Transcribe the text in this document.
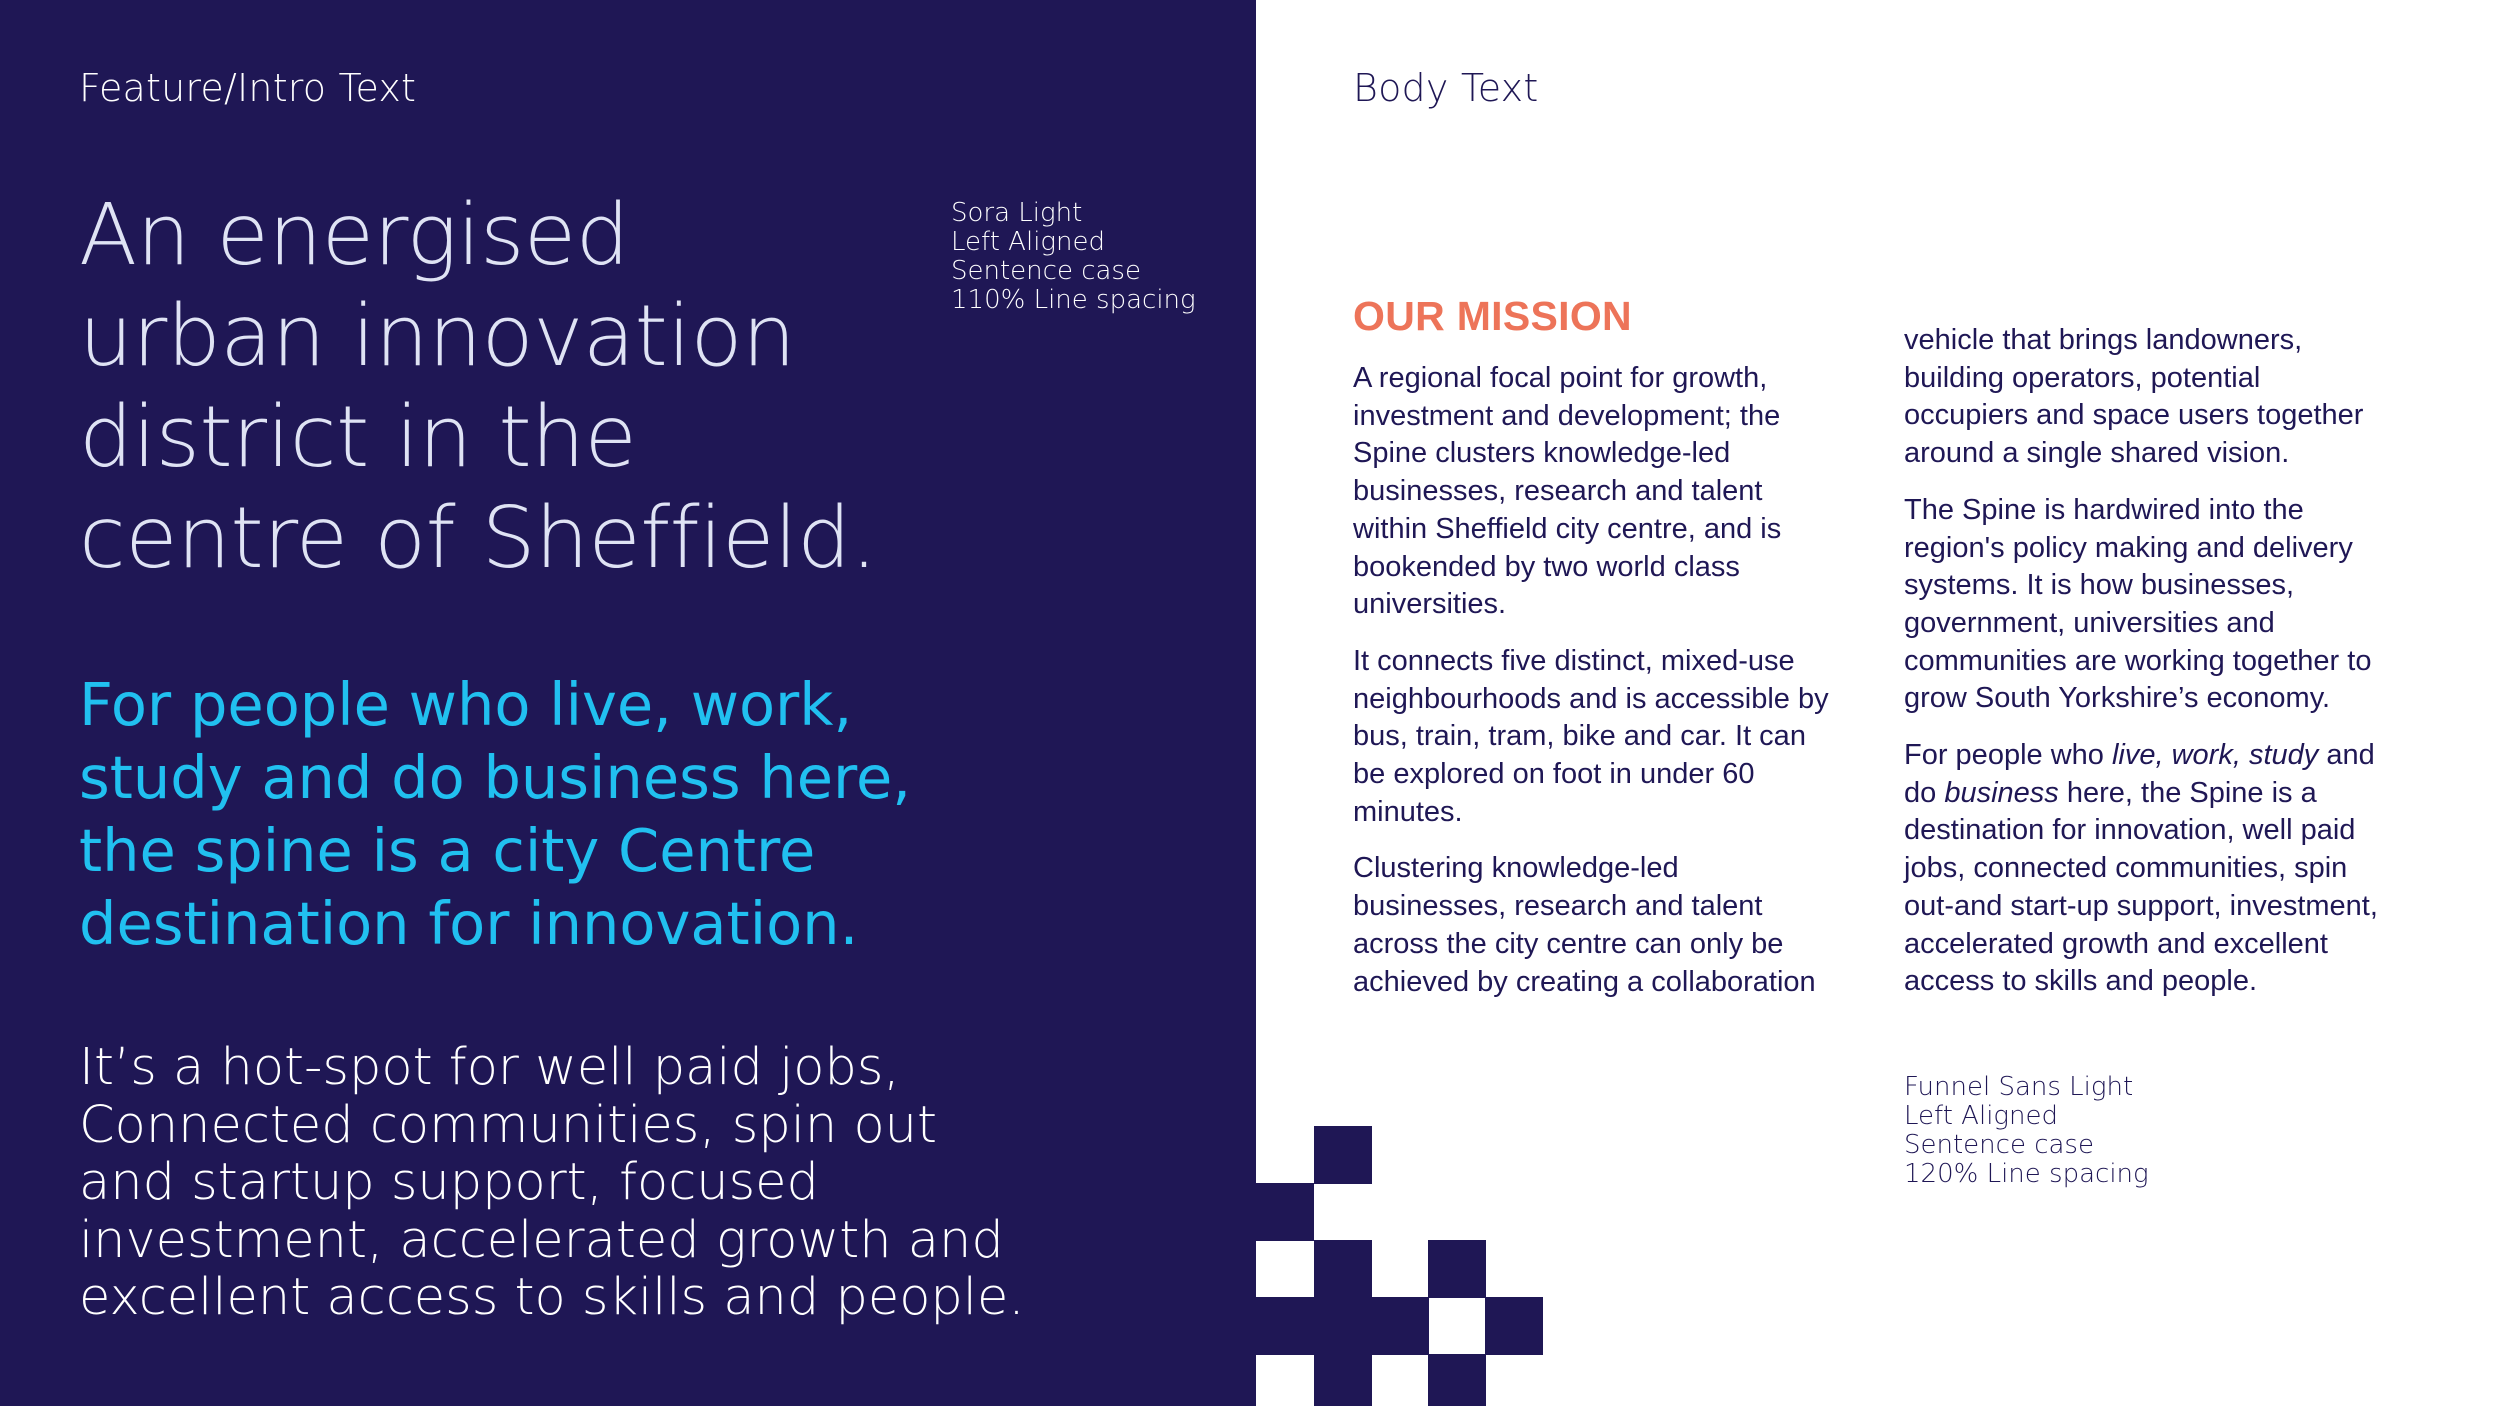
Feature/Intro Text
An energised
urban innovation
district in the
centre of Sheffield.

Sora Light
Left Aligned
Sentence case
110% Line spacing

For people who live, work,
study and do business here,
the spine is a city Centre
destination for innovation.

It’s a hot-spot for well paid jobs,
Connected communities, spin out
and startup support, focused
investment, accelerated growth and
excellent access to skills and people.

Body Text
OUR MISSION

A regional focal point for growth,
investment and development; the
Spine clusters knowledge-led
businesses, research and talent
within Sheffield city centre, and is
bookended by two world class
universities.

It connects five distinct, mixed-use
neighbourhoods and is accessible by
bus, train, tram, bike and car. It can
be explored on foot in under 60
minutes.

Clustering knowledge-led
businesses, research and talent
across the city centre can only be
achieved by creating a collaboration

vehicle that brings landowners,
building operators, potential
occupiers and space users together
around a single shared vision.

The Spine is hardwired into the
region's policy making and delivery
systems. It is how businesses,
government, universities and
communities are working together to
grow South Yorkshire’s economy.

For people who live, work, study and
do business here, the Spine is a
destination for innovation, well paid
jobs, connected communities, spin
out-and start-up support, investment,
accelerated growth and excellent
access to skills and people.

Funnel Sans Light
Left Aligned
Sentence case
120% Line spacing
